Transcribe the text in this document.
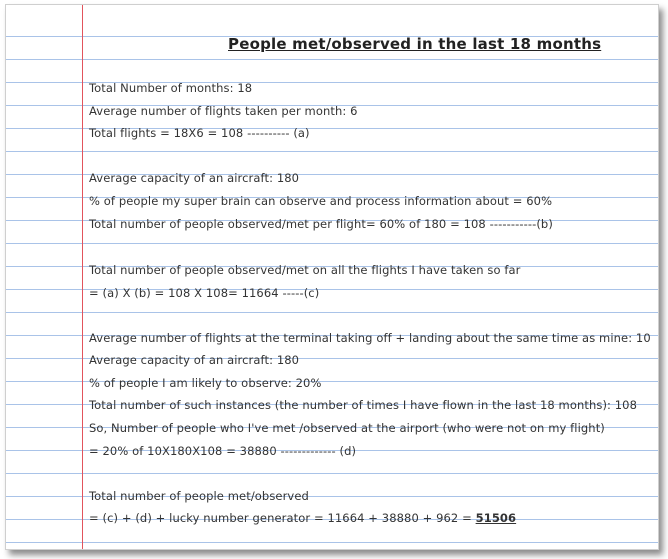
People met/observed in the last 18 months
Total Number of months: 18
Average number of flights taken per month: 6
Total flights = 18X6 = 108 ---------- (a)
Average capacity of an aircraft: 180
% of people my super brain can observe and process information about = 60%
Total number of people observed/met per flight= 60% of 180 = 108 -----------(b)
Total number of people observed/met on all the flights I have taken so far
= (a) X (b) = 108 X 108= 11664 -----(c)
Average number of flights at the terminal taking off + landing about the same time as mine: 10
Average capacity of an aircraft: 180
% of people I am likely to observe: 20%
Total number of such instances (the number of times I have flown in the last 18 months): 108
So, Number of people who I've met /observed at the airport (who were not on my flight)
= 20% of 10X180X108 = 38880 ------------- (d)
Total number of people met/observed
= (c) + (d) + lucky number generator = 11664 + 38880 + 962 = 51506
